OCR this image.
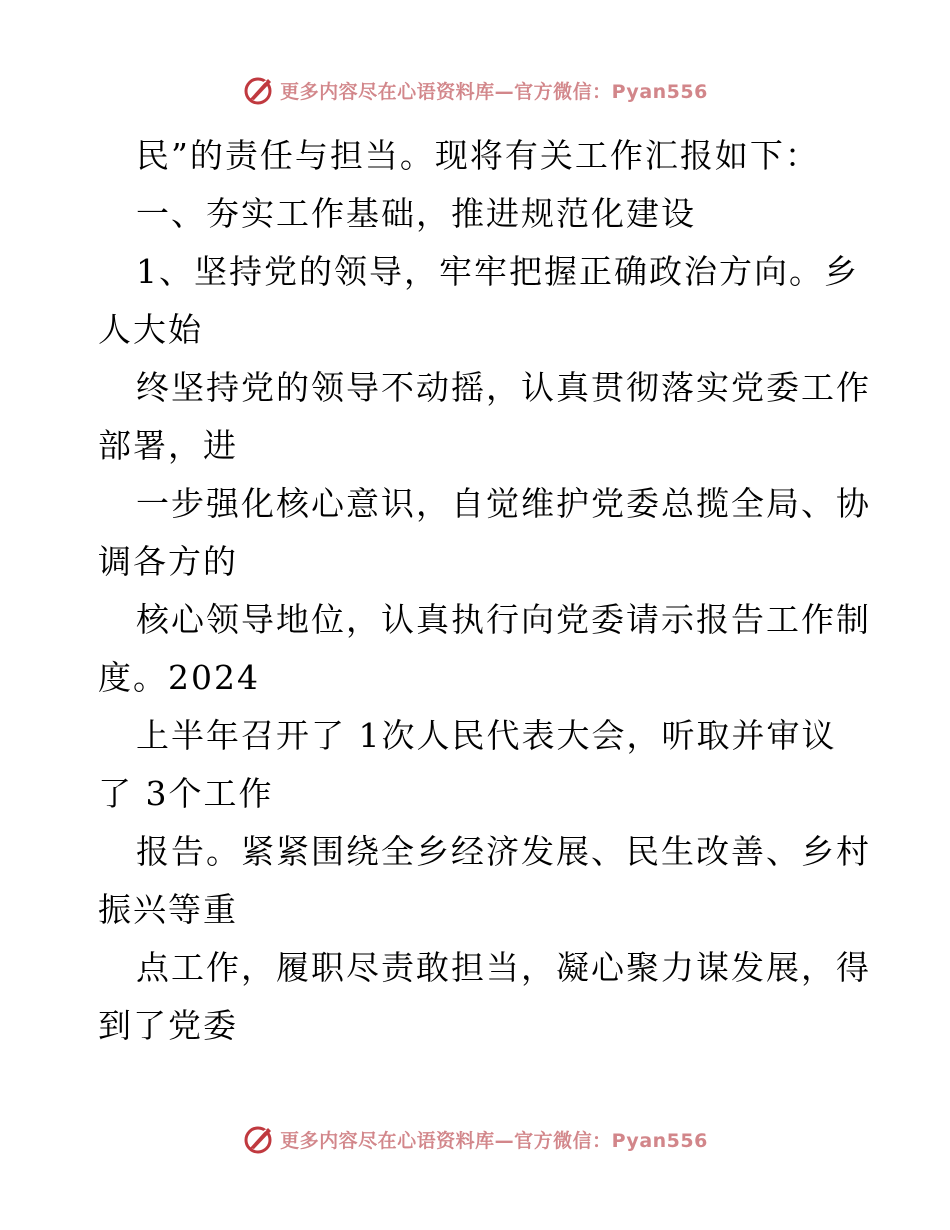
更多内容尽在心语资料库—官方微信：Pyan556
民”的责任与担当。现将有关工作汇报如下：
一、夯实工作基础，推进规范化建设
1、坚持党的领导，牢牢把握正确政治方向。乡
人大始
终坚持党的领导不动摇，认真贯彻落实党委工作
部署，进
一步强化核心意识，自觉维护党委总揽全局、协
调各方的
核心领导地位，认真执行向党委请示报告工作制
度。2024
上半年召开了 1次人民代表大会，听取并审议
了 3个工作
报告。紧紧围绕全乡经济发展、民生改善、乡村
振兴等重
点工作，履职尽责敢担当，凝心聚力谋发展，得
到了党委
更多内容尽在心语资料库—官方微信：Pyan556
